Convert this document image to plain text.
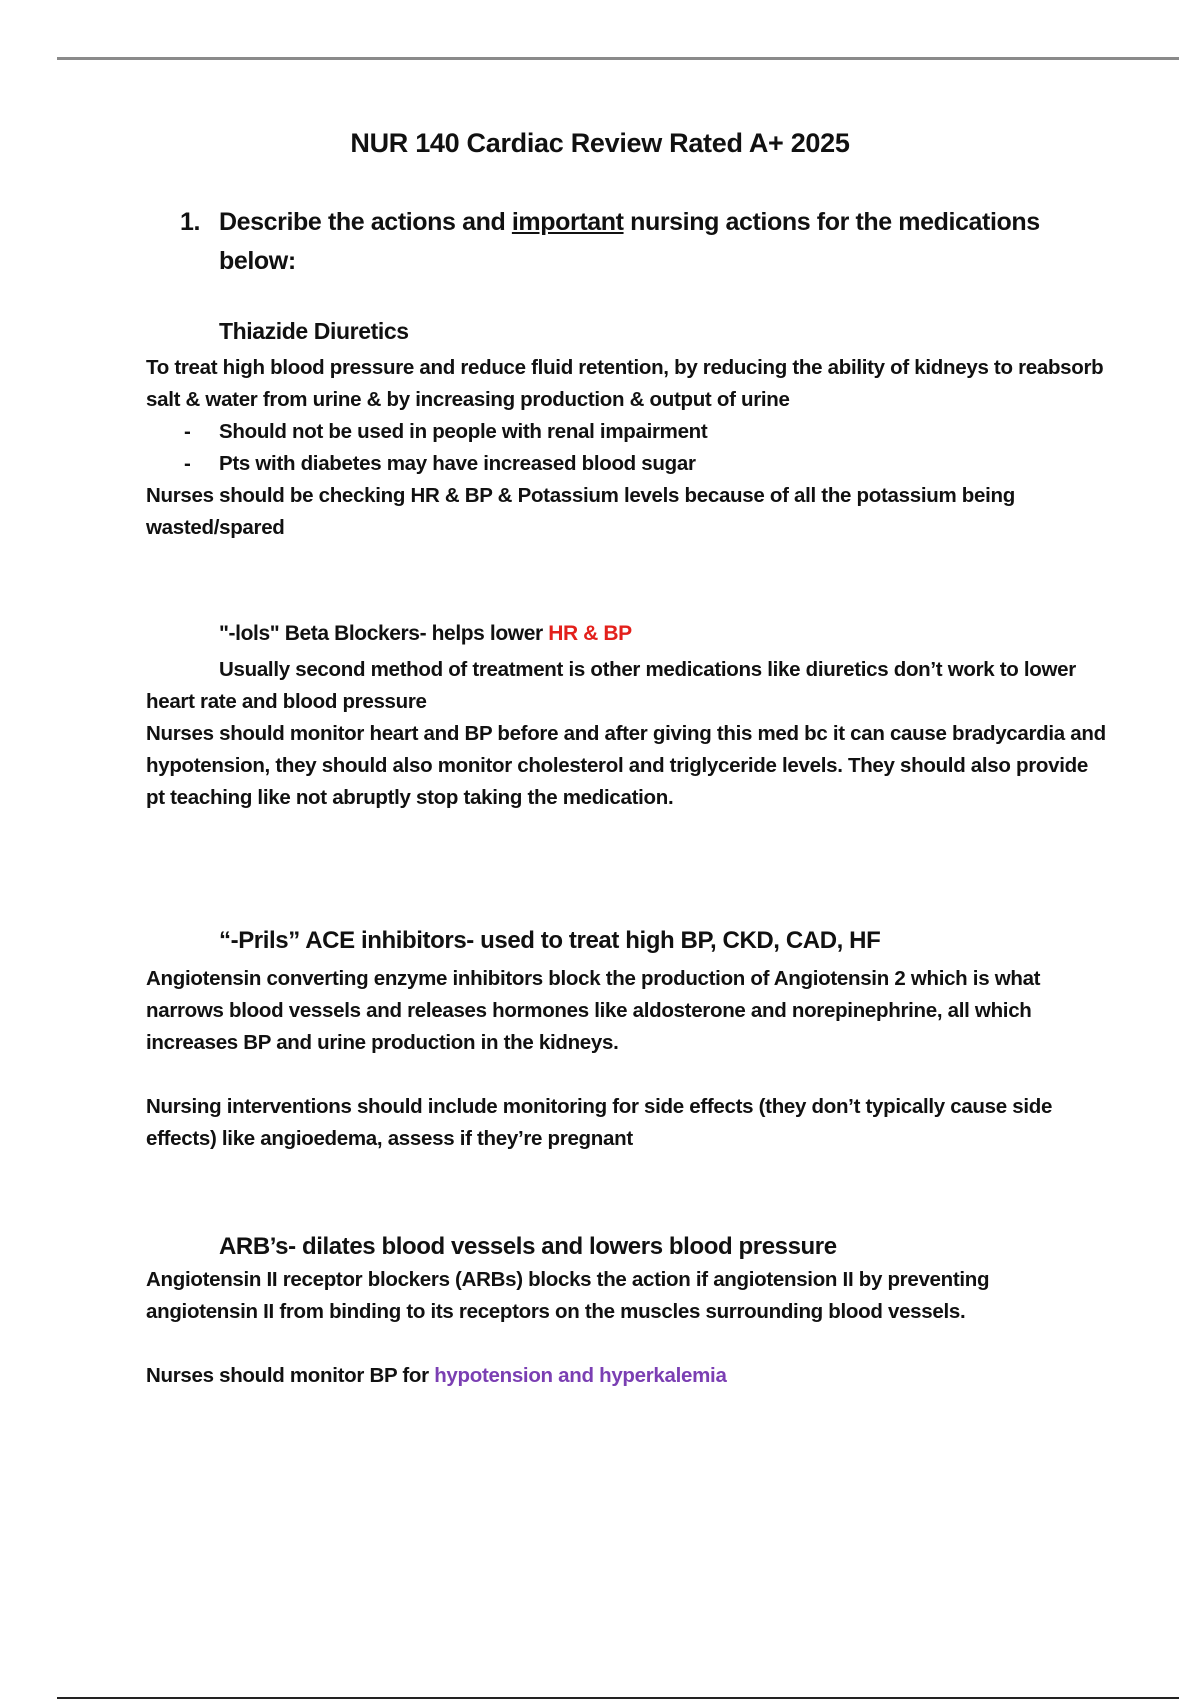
NUR 140 Cardiac Review Rated A+ 2025
1. Describe the actions and important nursing actions for the medications below:
Thiazide Diuretics

To treat high blood pressure and reduce fluid retention, by reducing the ability of kidneys to reabsorb salt & water from urine & by increasing production & output of urine

- Should not be used in people with renal impairment
- Pts with diabetes may have increased blood sugar

Nurses should be checking HR & BP & Potassium levels because of all the potassium being wasted/spared

"-lols" Beta Blockers- helps lower HR & BP

Usually second method of treatment is other medications like diuretics don’t work to lower heart rate and blood pressure

Nurses should monitor heart and BP before and after giving this med bc it can cause bradycardia and hypotension, they should also monitor cholesterol and triglyceride levels. They should also provide pt teaching like not abruptly stop taking the medication.

“-Prils” ACE inhibitors- used to treat high BP, CKD, CAD, HF

Angiotensin converting enzyme inhibitors block the production of Angiotensin 2 which is what narrows blood vessels and releases hormones like aldosterone and norepinephrine, all which increases BP and urine production in the kidneys.

Nursing interventions should include monitoring for side effects (they don’t typically cause side effects) like angioedema, assess if they’re pregnant

ARB’s- dilates blood vessels and lowers blood pressure

Angiotensin II receptor blockers (ARBs) blocks the action if angiotension II by preventing angiotensin II from binding to its receptors on the muscles surrounding blood vessels.

Nurses should monitor BP for hypotension and hyperkalemia
